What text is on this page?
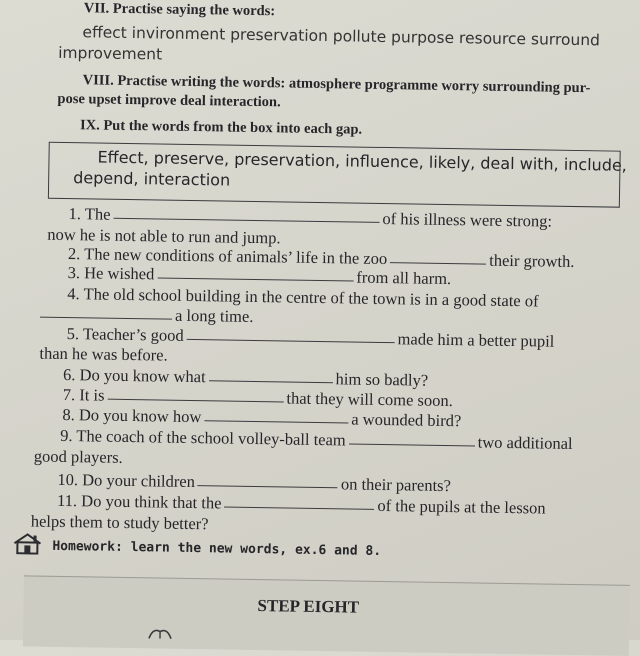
VII. Practise saying the words:
effect invironment preservation pollute purpose resource surround
improvement
VIII. Practise writing the words: atmosphere programme worry surrounding pur-
pose upset improve deal interaction.
IX. Put the words from the box into each gap.
Effect, preserve, preservation, influence, likely, deal with, include,
depend, interaction
1. The	of his illness were strong:
now he is not able to run and jump.
2. The new conditions of animals’ life in the zoo	their growth.
3. He wished	from all harm.
4. The old school building in the centre of the town is in a good state of
a long time.
5. Teacher’s good	made him a better pupil
than he was before.
6. Do you know what	him so badly?
7. It is	that they will come soon.
8. Do you know how	a wounded bird?
9. The coach of the school volley-ball team	two additional
good players.
10. Do your children	on their parents?
11. Do you think that the	of the pupils at the lesson
helps them to study better?
Homework: learn the new words, ex.6 and 8.
STEP EIGHT
